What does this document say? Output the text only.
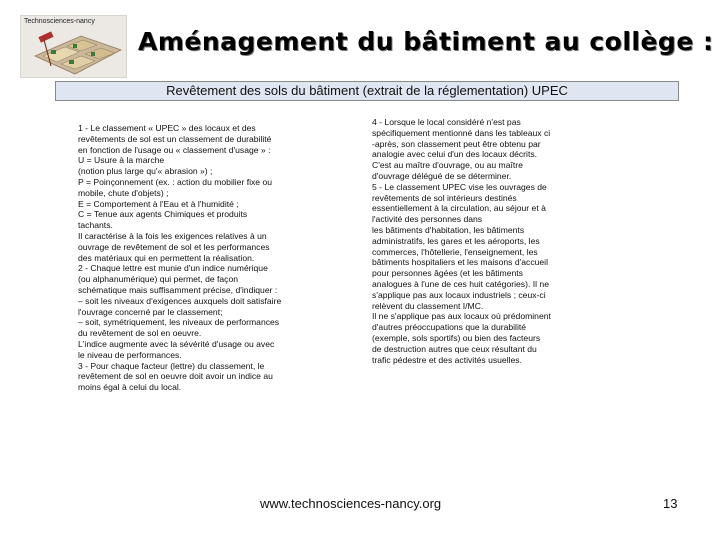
Technosciences-nancy
Aménagement du bâtiment au collège :
Revêtement des sols du bâtiment (extrait de la réglementation) UPEC

1 - Le classement « UPEC » des locaux et des

revêtements de sol est un classement de durabilité

en fonction de l'usage ou « classement d'usage » :

U = Usure à la marche

(notion plus large qu'« abrasion ») ;

P = Poinçonnement (ex. : action du mobilier fixe ou

mobile, chute d'objets) ;

E = Comportement à l'Eau et à l'humidité ;

C = Tenue aux agents Chimiques et produits

tachants.

Il caractérise à la fois les exigences relatives à un

ouvrage de revêtement de sol et les performances

des matériaux qui en permettent la réalisation.

2 - Chaque lettre est munie d'un indice numérique

(ou alphanumérique) qui permet, de façon

schématique mais suffisamment précise, d'indiquer :

– soit les niveaux d'exigences auxquels doit satisfaire

l'ouvrage concerné par le classement;

– soit, symétriquement, les niveaux de performances

du revêtement de sol en oeuvre.

L'indice augmente avec la sévérité d'usage ou avec

le niveau de performances.

3 - Pour chaque facteur (lettre) du classement, le

revêtement de sol en oeuvre doit avoir un indice au

moins égal à celui du local.

4 - Lorsque le local considéré n'est pas

spécifiquement mentionné dans les tableaux ci

-après, son classement peut être obtenu par

analogie avec celui d'un des locaux décrits.

C'est au maître d'ouvrage, ou au maître

d'ouvrage délégué de se déterminer.

5 - Le classement UPEC vise les ouvrages de

revêtements de sol intérieurs destinés

essentiellement à la circulation, au séjour et à

l'activité des personnes dans

les bâtiments d'habitation, les bâtiments

administratifs, les gares et les aéroports, les

commerces, l'hôtellerie, l'enseignement, les

bâtiments hospitaliers et les maisons d'accueil

pour personnes âgées (et les bâtiments

analogues à l'une de ces huit catégories). Il ne

s'applique pas aux locaux industriels ; ceux-ci

relèvent du classement I/MC.

Il ne s'applique pas aux locaux où prédominent

d'autres préoccupations que la durabilité

(exemple, sols sportifs) ou bien des facteurs

de destruction autres que ceux résultant du

trafic pédestre et des activités usuelles.

www.technosciences-nancy.org	13
